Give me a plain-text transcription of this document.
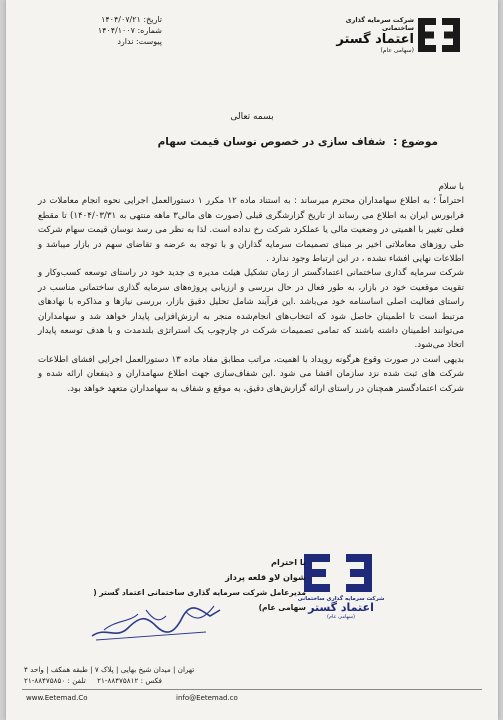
شرکت سرمایه گذاری ساختمانی
اعتماد گستر
(سهامی عام)
تاریخ: ۱۴۰۴/۰۷/۲۱
شماره: ۱۴۰۴/۱۰۰۷
پیوست: ندارد
بسمه تعالی
موضوع : شفاف سازی در خصوص نوسان قیمت سهام

با سلام

احتراماً ؛ به اطلاع سهامداران محترم میرساند : به استناد ماده ۱۲ مکرر ۱ دستورالعمل اجرایی نحوه انجام معاملات در فرابورس ایران به اطلاع می رساند از تاریخ گزارشگری قبلی (صورت های مالی۳ ماهه منتهی به ۱۴۰۴/۰۳/۳۱) تا مقطع فعلی تغییر با اهمیتی در وضعیت مالی یا عملکرد شرکت رخ نداده است. لذا به نظر می رسد نوسان قیمت سهام شرکت طی روزهای معاملاتی اخیر بر مبنای تصمیمات سرمایه گذاران و با توجه به عرضه و تقاضای سهم در بازار میباشد و اطلاعات نهایی افشاء نشده ، در این ارتباط وجود ندارد .

شرکت سرمایه گذاری ساختمانی اعتمادگستر از زمان تشکیل هیئت مدیره ی جدید خود در راستای توسعه کسب‌وکار و تقویت موقعیت خود در بازار، به طور فعال در حال بررسی و ارزیابی پروژه‌های سرمایه گذاری ساختمانی مناسب در راستای فعالیت اصلی اساسنامه خود می‌باشد .این فرآیند شامل تحلیل دقیق بازار، بررسی نیازها و مذاکره با نهادهای مرتبط است تا اطمینان حاصل شود که انتخاب‌های انجام‌شده منجر به ارزش‌افزایی پایدار خواهد شد و سهامداران می‌توانند اطمینان داشته باشند که تمامی تصمیمات شرکت در چارچوب یک استراتژی بلندمدت و با هدف توسعه پایدار اتخاذ می‌شود.

بدیهی است در صورت وقوع هرگونه رویداد با اهمیت، مراتب مطابق مفاد ماده ۱۳ دستورالعمل اجرایی افشای اطلاعات شرکت های ثبت شده نزد سازمان افشا می شود .این شفاف‌سازی جهت اطلاع سهامداران و ذینفعان ارائه شده و شرکت اعتمادگستر همچنان در راستای ارائه گزارش‌های دقیق، به موقع و شفاف به سهامداران متعهد خواهد بود.

شرکت سرمایه گذاری ساختمانی
اعتماد گستر
(سهامی عام)
با احترام
شوان لاو قلعه پرداز
مدیرعامل شرکت سرمایه گذاری ساختمانی اعتماد گستر ( سهامی عام)
تهران | میدان شیخ بهایی | پلاک ۷ | طبقه همکف | واحد ۴
فکس : ۸۸۴۷۵۸۱۲-۲۱     تلفن : ۸۸۴۷۵۸۵۰-۲۱
www.Eetemad.Co	info@Eetemad.co
